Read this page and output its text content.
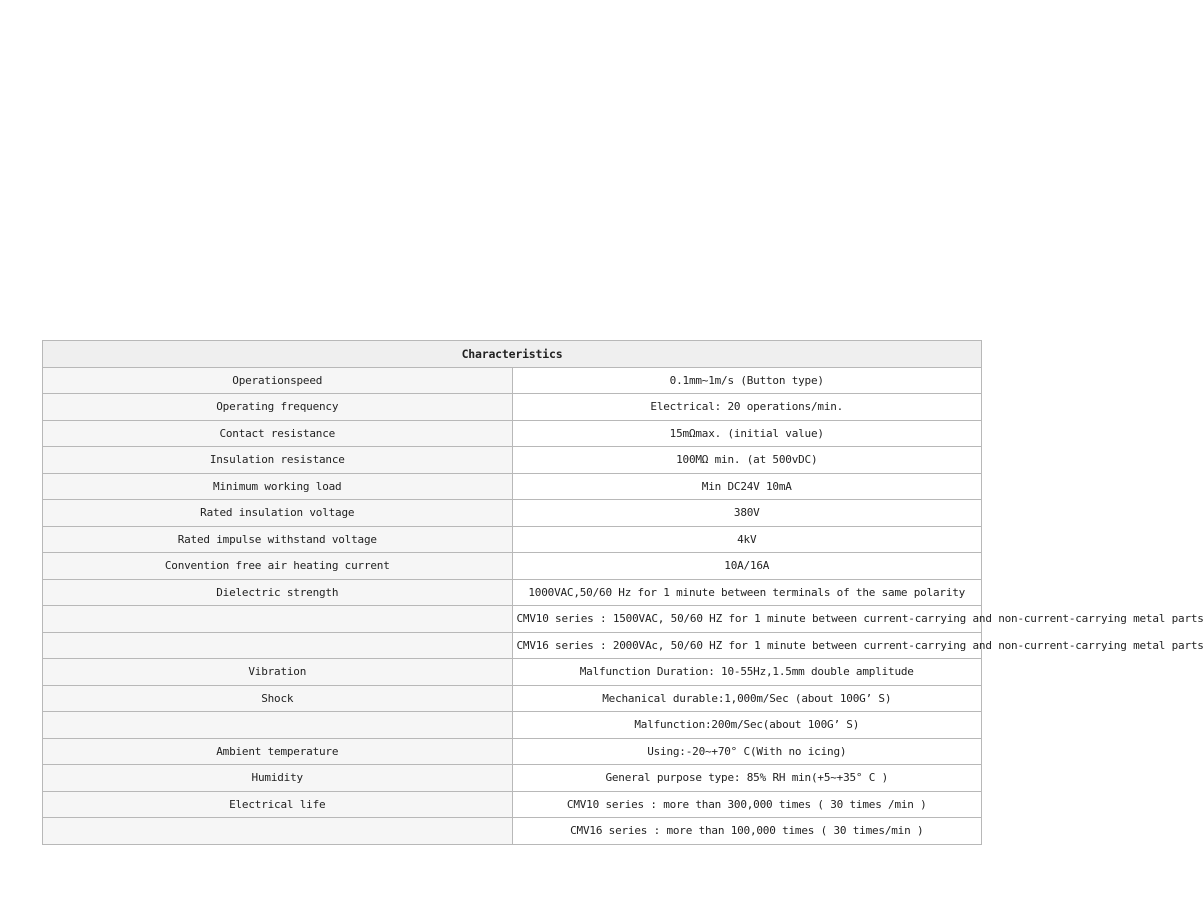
Characteristics	
Operationspeed	0.1mm~1m/s (Button type)
Operating frequency	Electrical: 20 operations/min.
Contact resistance	15mΩmax. (initial value)
Insulation resistance	100MΩ min. (at 500vDC)
Minimum working load	Min DC24V 10mA
Rated insulation voltage	380V
Rated impulse withstand voltage	4kV
Convention free air heating current	10A/16A
Dielectric strength	1000VAC,50/60 Hz for 1 minute between terminals of the same polarity
	CMV10 series : 1500VAC, 50/60 HZ for 1 minute between current-carrying and non-current-carrying metal parts
	CMV16 series : 2000VAc, 50/60 HZ for 1 minute between current-carrying and non-current-carrying metal parts
Vibration	Malfunction Duration: 10-55Hz,1.5mm double amplitude
Shock	Mechanical durable:1,000m/Sec (about 100G’ S)
	Malfunction:200m/Sec(about 100G’ S)
Ambient temperature	Using:-20~+70° C(With no icing)
Humidity	General purpose type: 85% RH min(+5~+35° C )
Electrical life	CMV10 series : more than 300,000 times ( 30 times /min )
	CMV16 series : more than 100,000 times ( 30 times/min )
